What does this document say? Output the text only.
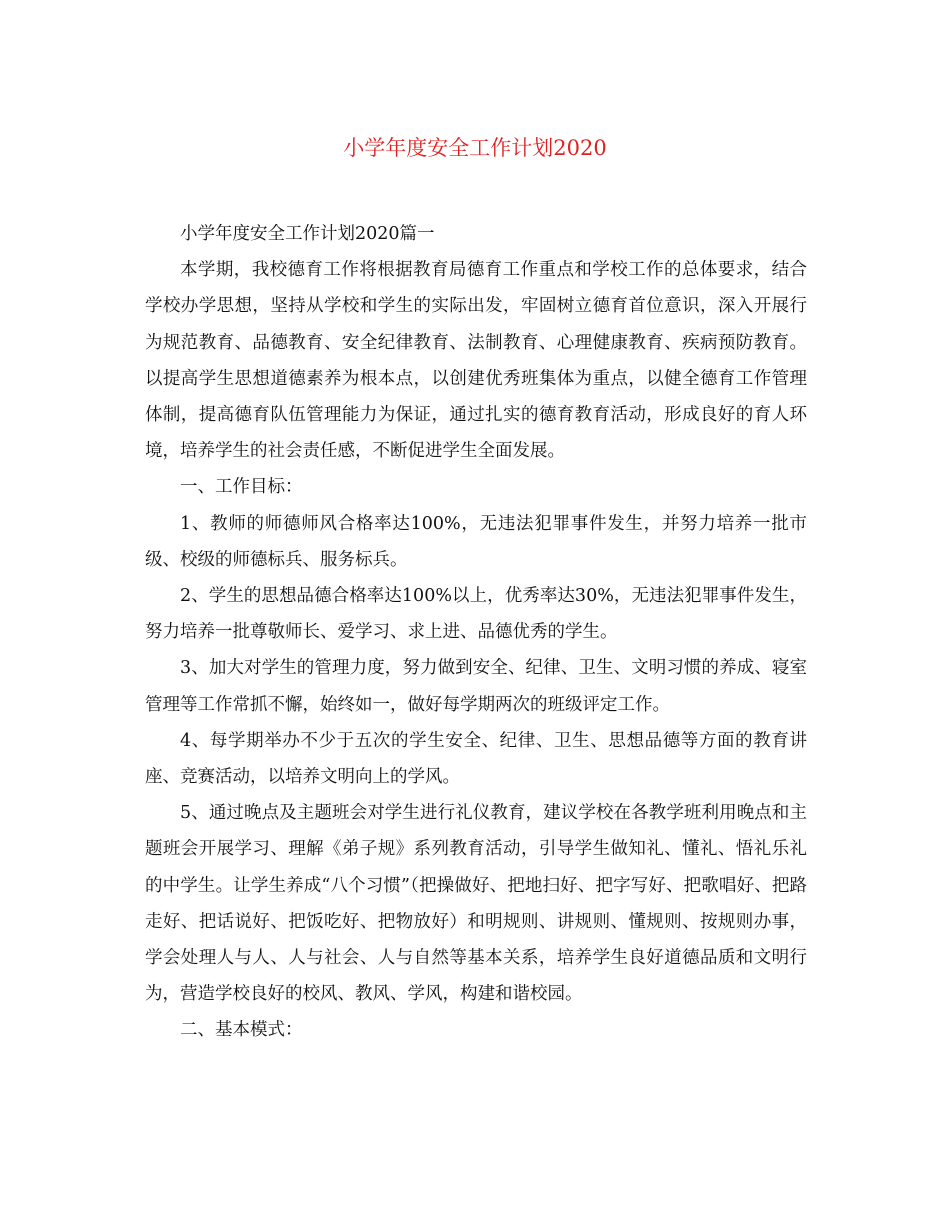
小学年度安全工作计划2020

小学年度安全工作计划2020篇一

本学期，我校德育工作将根据教育局德育工作重点和学校工作的总体要求，结合学校办学思想，坚持从学校和学生的实际出发，牢固树立德育首位意识，深入开展行为规范教育、品德教育、安全纪律教育、法制教育、心理健康教育、疾病预防教育。以提高学生思想道德素养为根本点，以创建优秀班集体为重点，以健全德育工作管理体制，提高德育队伍管理能力为保证，通过扎实的德育教育活动，形成良好的育人环境，培养学生的社会责任感，不断促进学生全面发展。

一、工作目标：

1、教师的师德师风合格率达100%，无违法犯罪事件发生，并努力培养一批市级、校级的师德标兵、服务标兵。

2、学生的思想品德合格率达100%以上，优秀率达30%，无违法犯罪事件发生，努力培养一批尊敬师长、爱学习、求上进、品德优秀的学生。

3、加大对学生的管理力度，努力做到安全、纪律、卫生、文明习惯的养成、寝室管理等工作常抓不懈，始终如一，做好每学期两次的班级评定工作。

4、每学期举办不少于五次的学生安全、纪律、卫生、思想品德等方面的教育讲座、竞赛活动，以培养文明向上的学风。

5、通过晚点及主题班会对学生进行礼仪教育，建议学校在各教学班利用晚点和主题班会开展学习、理解《弟子规》系列教育活动，引导学生做知礼、懂礼、悟礼乐礼的中学生。让学生养成“八个习惯”（把操做好、把地扫好、把字写好、把歌唱好、把路走好、把话说好、把饭吃好、把物放好）和明规则、讲规则、懂规则、按规则办事，学会处理人与人、人与社会、人与自然等基本关系，培养学生良好道德品质和文明行为，营造学校良好的校风、教风、学风，构建和谐校园。

二、基本模式：
